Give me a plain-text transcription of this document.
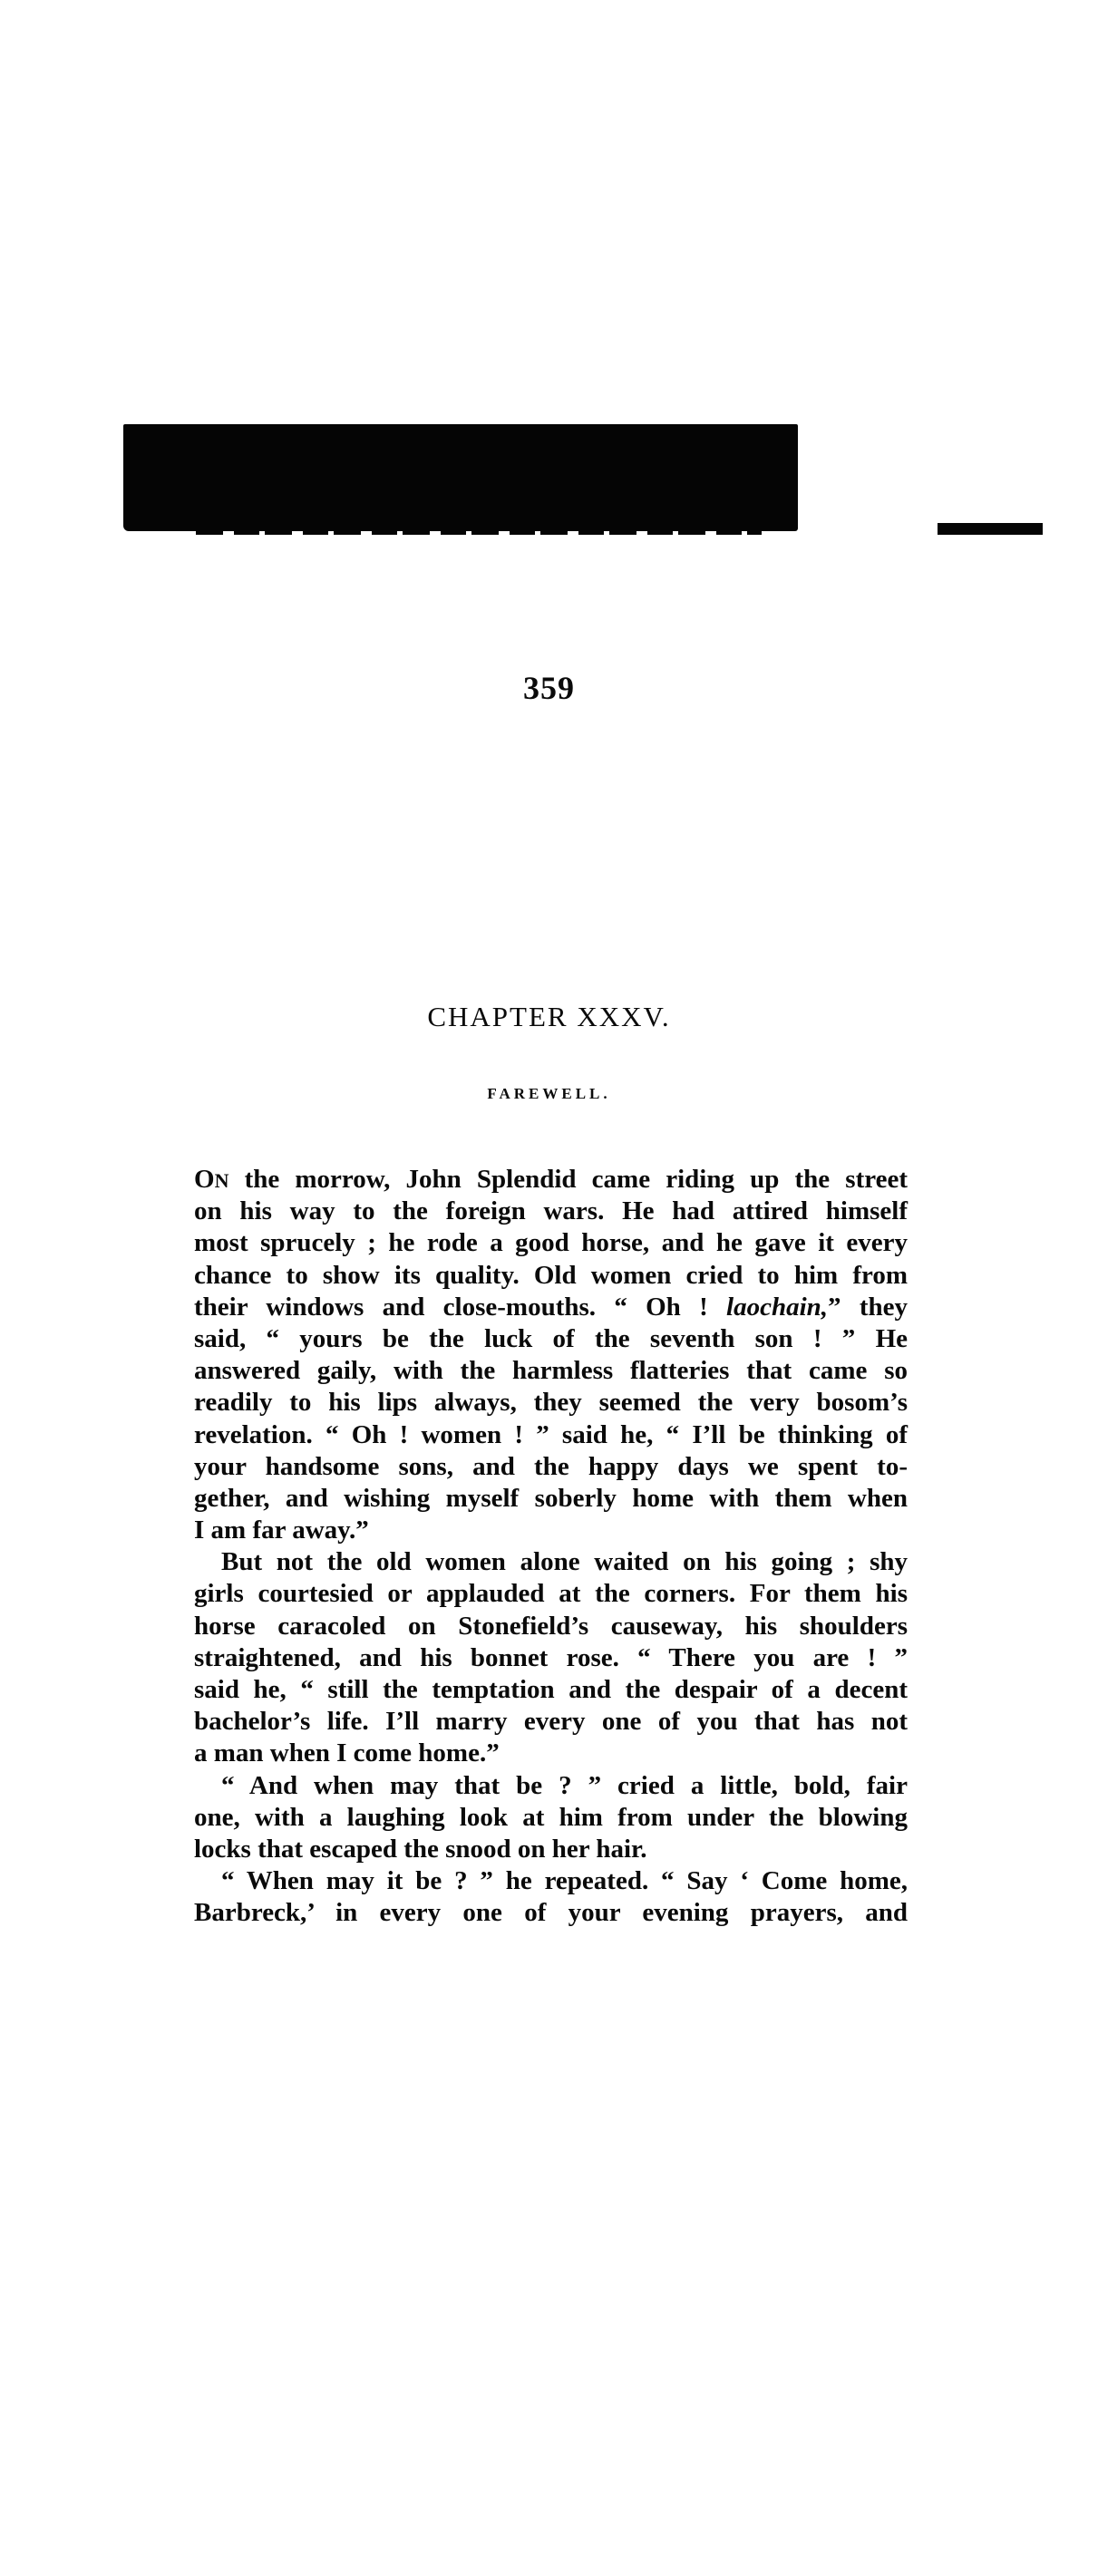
359
CHAPTER XXXV.
FAREWELL.
ON the morrow, John Splendid came riding up the street
on his way to the foreign wars. He had attired himself
most sprucely ; he rode a good horse, and he gave it every
chance to show its quality. Old women cried to him from
their windows and close-mouths. “ Oh ! laochain,” they
said, “ yours be the luck of the seventh son ! ” He
answered gaily, with the harmless flatteries that came so
readily to his lips always, they seemed the very bosom’s
revelation. “ Oh ! women ! ” said he, “ I’ll be thinking of
your handsome sons, and the happy days we spent to-
gether, and wishing myself soberly home with them when
I am far away.”
But not the old women alone waited on his going ; shy
girls courtesied or applauded at the corners. For them his
horse caracoled on Stonefield’s causeway, his shoulders
straightened, and his bonnet rose. “ There you are ! ”
said he, “ still the temptation and the despair of a decent
bachelor’s life. I’ll marry every one of you that has not
a man when I come home.”
“ And when may that be ? ” cried a little, bold, fair
one, with a laughing look at him from under the blowing
locks that escaped the snood on her hair.
“ When may it be ? ” he repeated. “ Say ‘ Come home,
Barbreck,’ in every one of your evening prayers, and
